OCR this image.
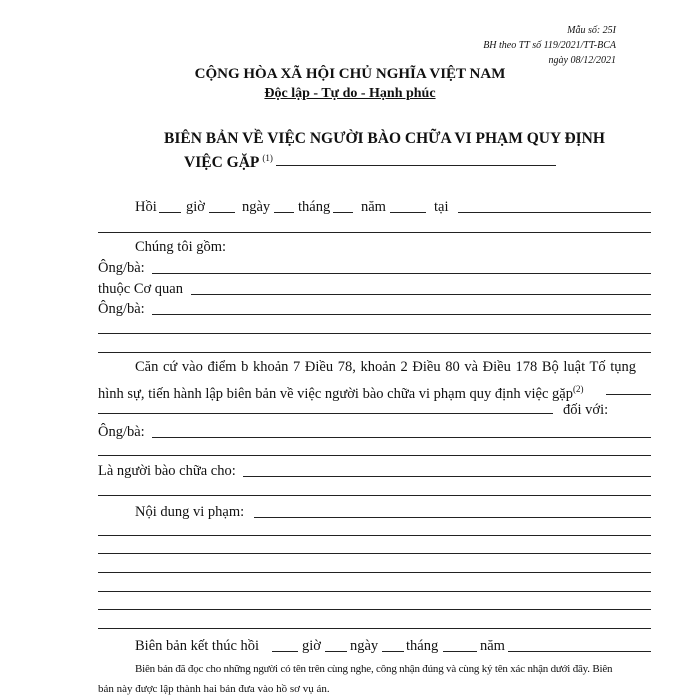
Mẫu số: 25I
BH theo TT số 119/2021/TT-BCA
ngày 08/12/2021
CỘNG HÒA XÃ HỘI CHỦ NGHĨA VIỆT NAM
Độc lập - Tự do - Hạnh phúc
BIÊN BẢN VỀ VIỆC NGƯỜI BÀO CHỮA VI PHẠM QUY ĐỊNH
VIỆC GẶP $^{(1)}$
Hồi giờ	ngày tháng năm	tại
Chúng tôi gồm:
Ông/bà:
thuộc Cơ quan
Ông/bà:
Căn cứ vào điểm b khoản 7 Điều 78, khoản 2 Điều 80 và Điều 178 Bộ luật Tố tụng
hình sự, tiến hành lập biên bản về việc người bào chữa vi phạm quy định việc gặp$^{(2)}$
đối với:
Ông/bà:
Là người bào chữa cho:
Nội dung vi phạm:
Biên bản kết thúc hồi	giờ ngày tháng	năm
Biên bản đã đọc cho những người có tên trên cùng nghe, công nhận đúng và cùng ký tên xác nhận dưới đây. Biên
bản này được lập thành hai bản đưa vào hồ sơ vụ án.
